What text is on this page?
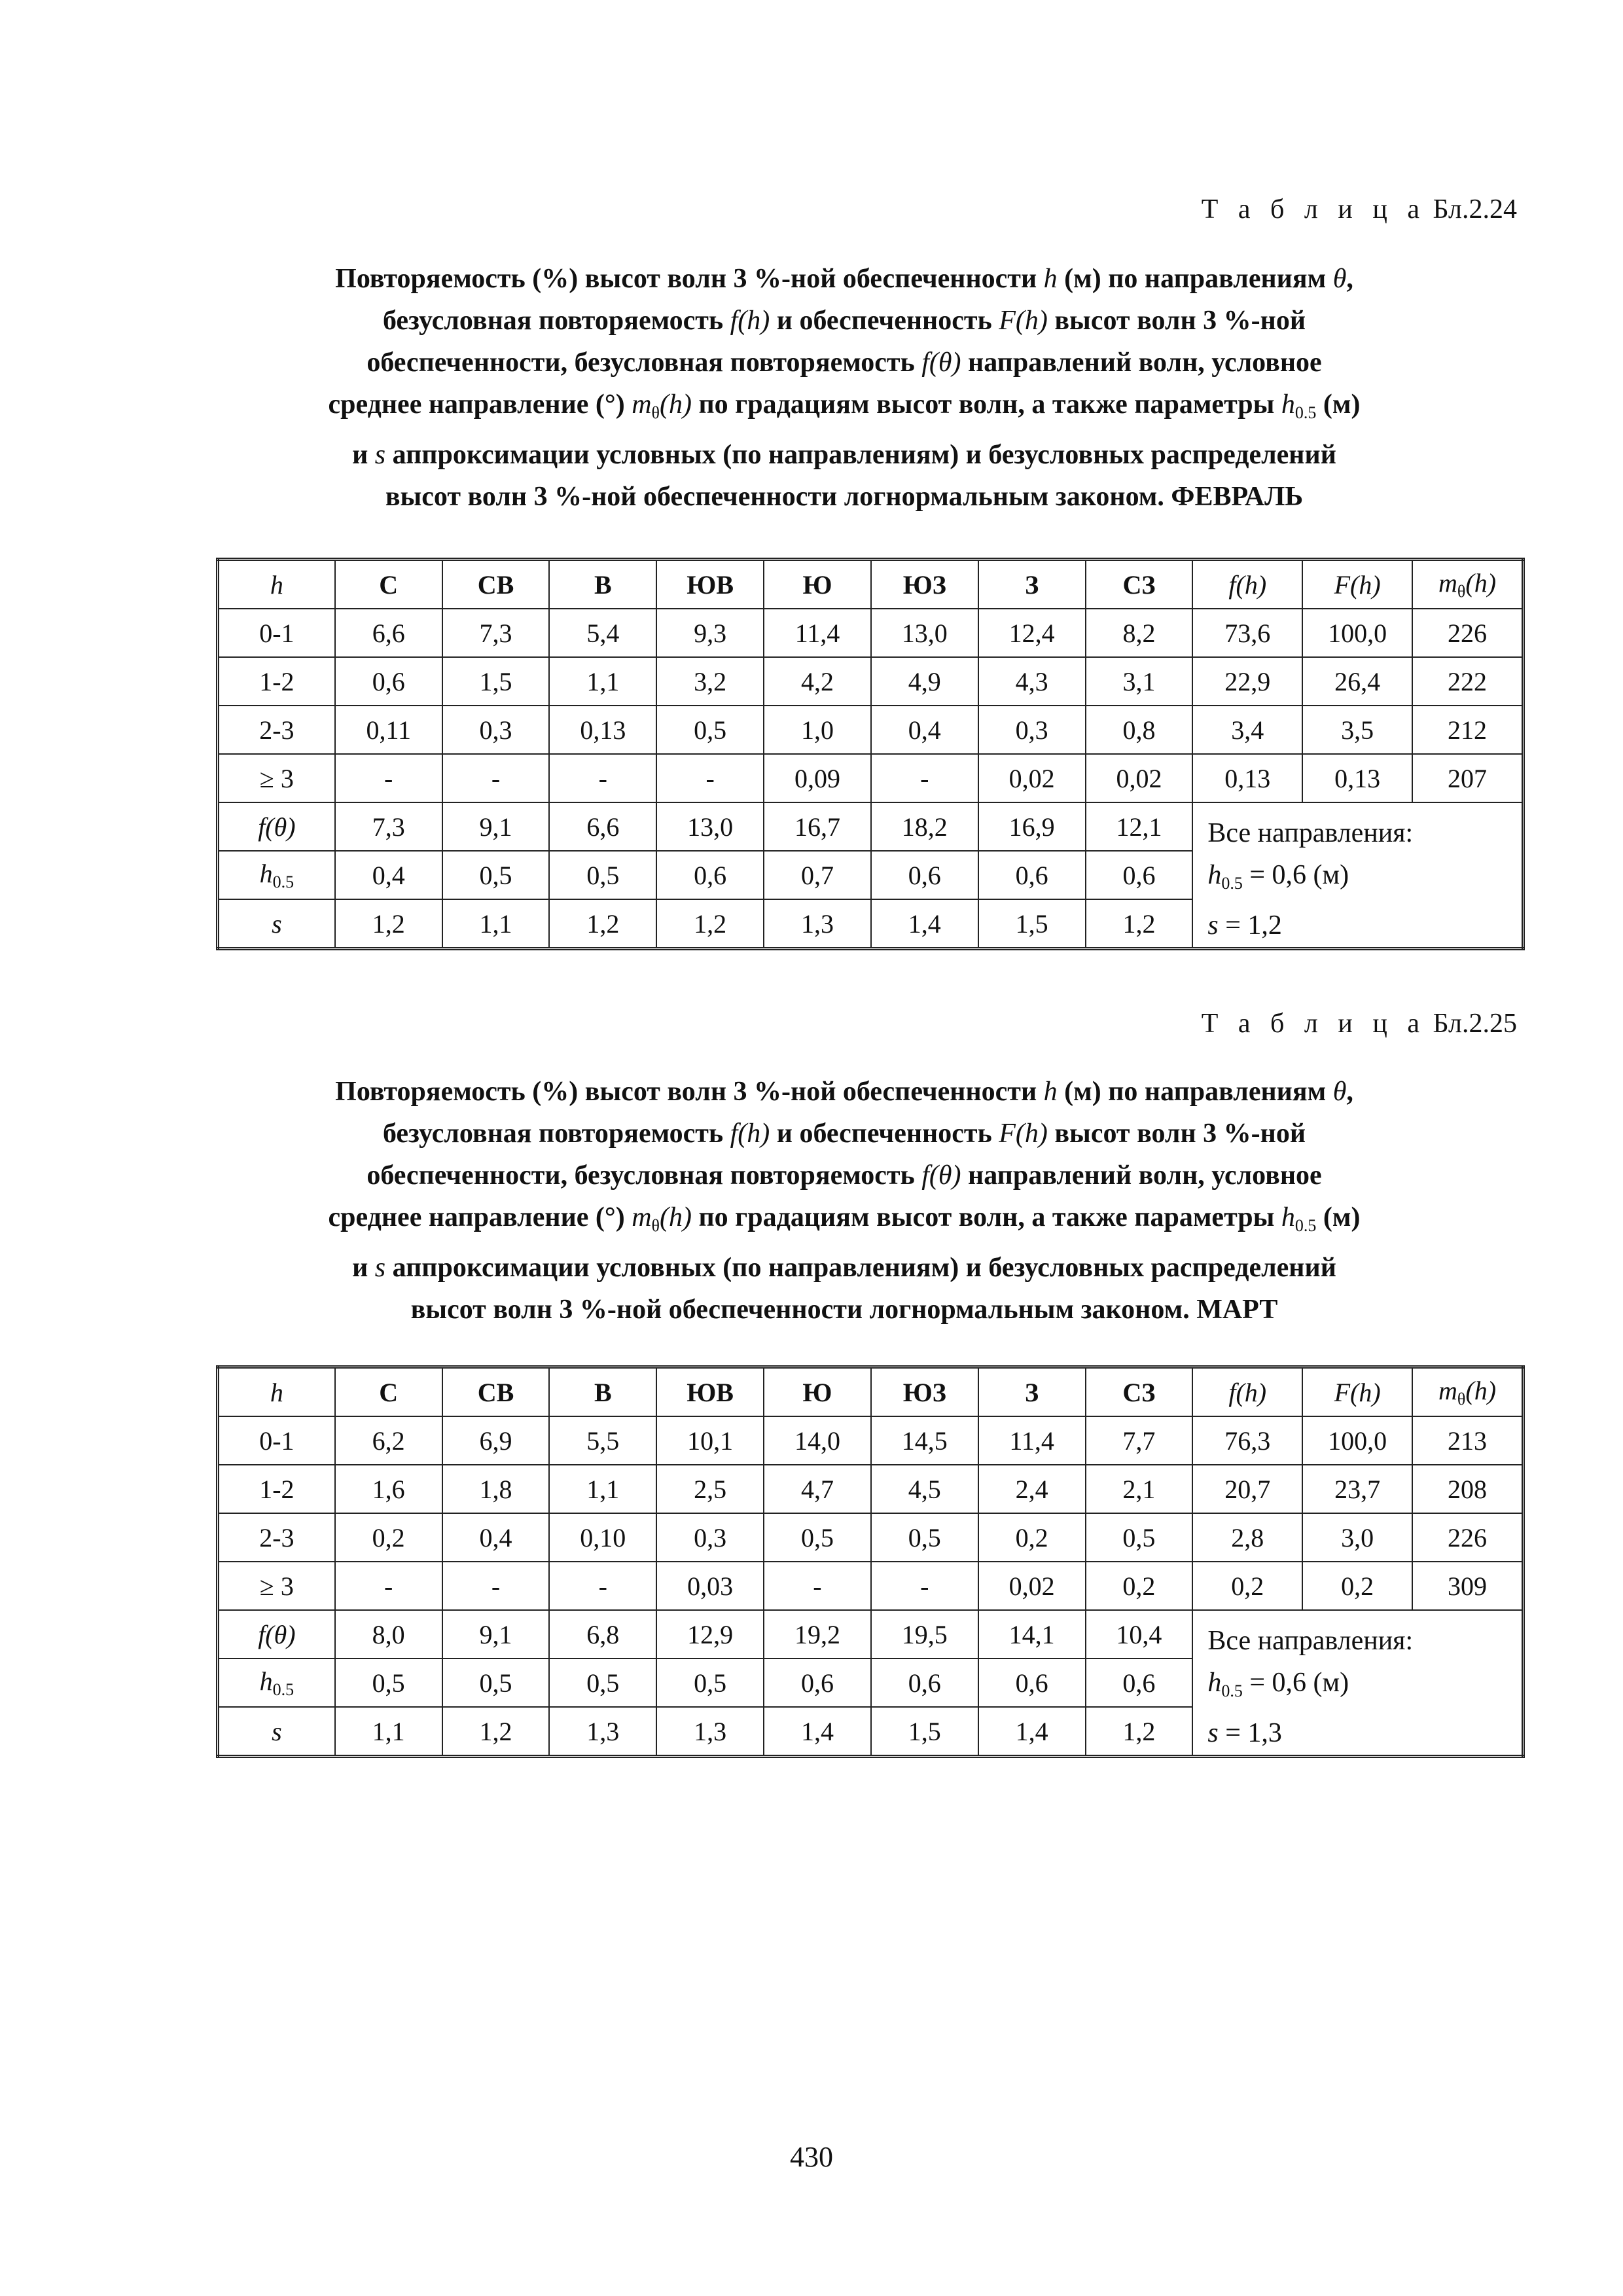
Т а б л и ц а Бл.2.24
Повторяемость (%) высот волн 3 %-ной обеспеченности h (м) по направлениям θ,
безусловная повторяемость f(h) и обеспеченность F(h) высот волн 3 %-ной
обеспеченности, безусловная повторяемость f(θ) направлений волн, условное
среднее направление (°) $m_\theta(h)$ по градациям высот волн, а также параметры $h_{0.5}$ (м)
и s аппроксимации условных (по направлениям) и безусловных распределений
высот волн 3 %-ной обеспеченности логнормальным законом. ФЕВРАЛЬ
h	С	СВ	В	ЮВ	Ю	ЮЗ	З	СЗ	f(h)	F(h)	$m_\theta(h)$
0-1	6,6	7,3	5,4	9,3	11,4	13,0	12,4	8,2	73,6	100,0	226
1-2	0,6	1,5	1,1	3,2	4,2	4,9	4,3	3,1	22,9	26,4	222
2-3	0,11	0,3	0,13	0,5	1,0	0,4	0,3	0,8	3,4	3,5	212
≥ 3	-	-	-	-	0,09	-	0,02	0,02	0,13	0,13	207
f(θ)	7,3	9,1	6,6	13,0	16,7	18,2	16,9	12,1	Все направления:
$h_{0.5} = 0,6$ (м)
s = 1,2		

$h_{0.5}$	0,4	0,5	0,5	0,6	0,7	0,6	0,6	0,6			
s	1,2	1,1	1,2	1,2	1,3	1,4	1,5	1,2			
Т а б л и ц а Бл.2.25
Повторяемость (%) высот волн 3 %-ной обеспеченности h (м) по направлениям θ,
безусловная повторяемость f(h) и обеспеченность F(h) высот волн 3 %-ной
обеспеченности, безусловная повторяемость f(θ) направлений волн, условное
среднее направление (°) $m_\theta(h)$ по градациям высот волн, а также параметры $h_{0.5}$ (м)
и s аппроксимации условных (по направлениям) и безусловных распределений
высот волн 3 %-ной обеспеченности логнормальным законом. МАРТ
h	С	СВ	В	ЮВ	Ю	ЮЗ	З	СЗ	f(h)	F(h)	$m_\theta(h)$
0-1	6,2	6,9	5,5	10,1	14,0	14,5	11,4	7,7	76,3	100,0	213
1-2	1,6	1,8	1,1	2,5	4,7	4,5	2,4	2,1	20,7	23,7	208
2-3	0,2	0,4	0,10	0,3	0,5	0,5	0,2	0,5	2,8	3,0	226
≥ 3	-	-	-	0,03	-	-	0,02	0,2	0,2	0,2	309
f(θ)	8,0	9,1	6,8	12,9	19,2	19,5	14,1	10,4	Все направления:
$h_{0.5} = 0,6$ (м)
s = 1,3		

$h_{0.5}$	0,5	0,5	0,5	0,5	0,6	0,6	0,6	0,6			
s	1,1	1,2	1,3	1,3	1,4	1,5	1,4	1,2			
430
